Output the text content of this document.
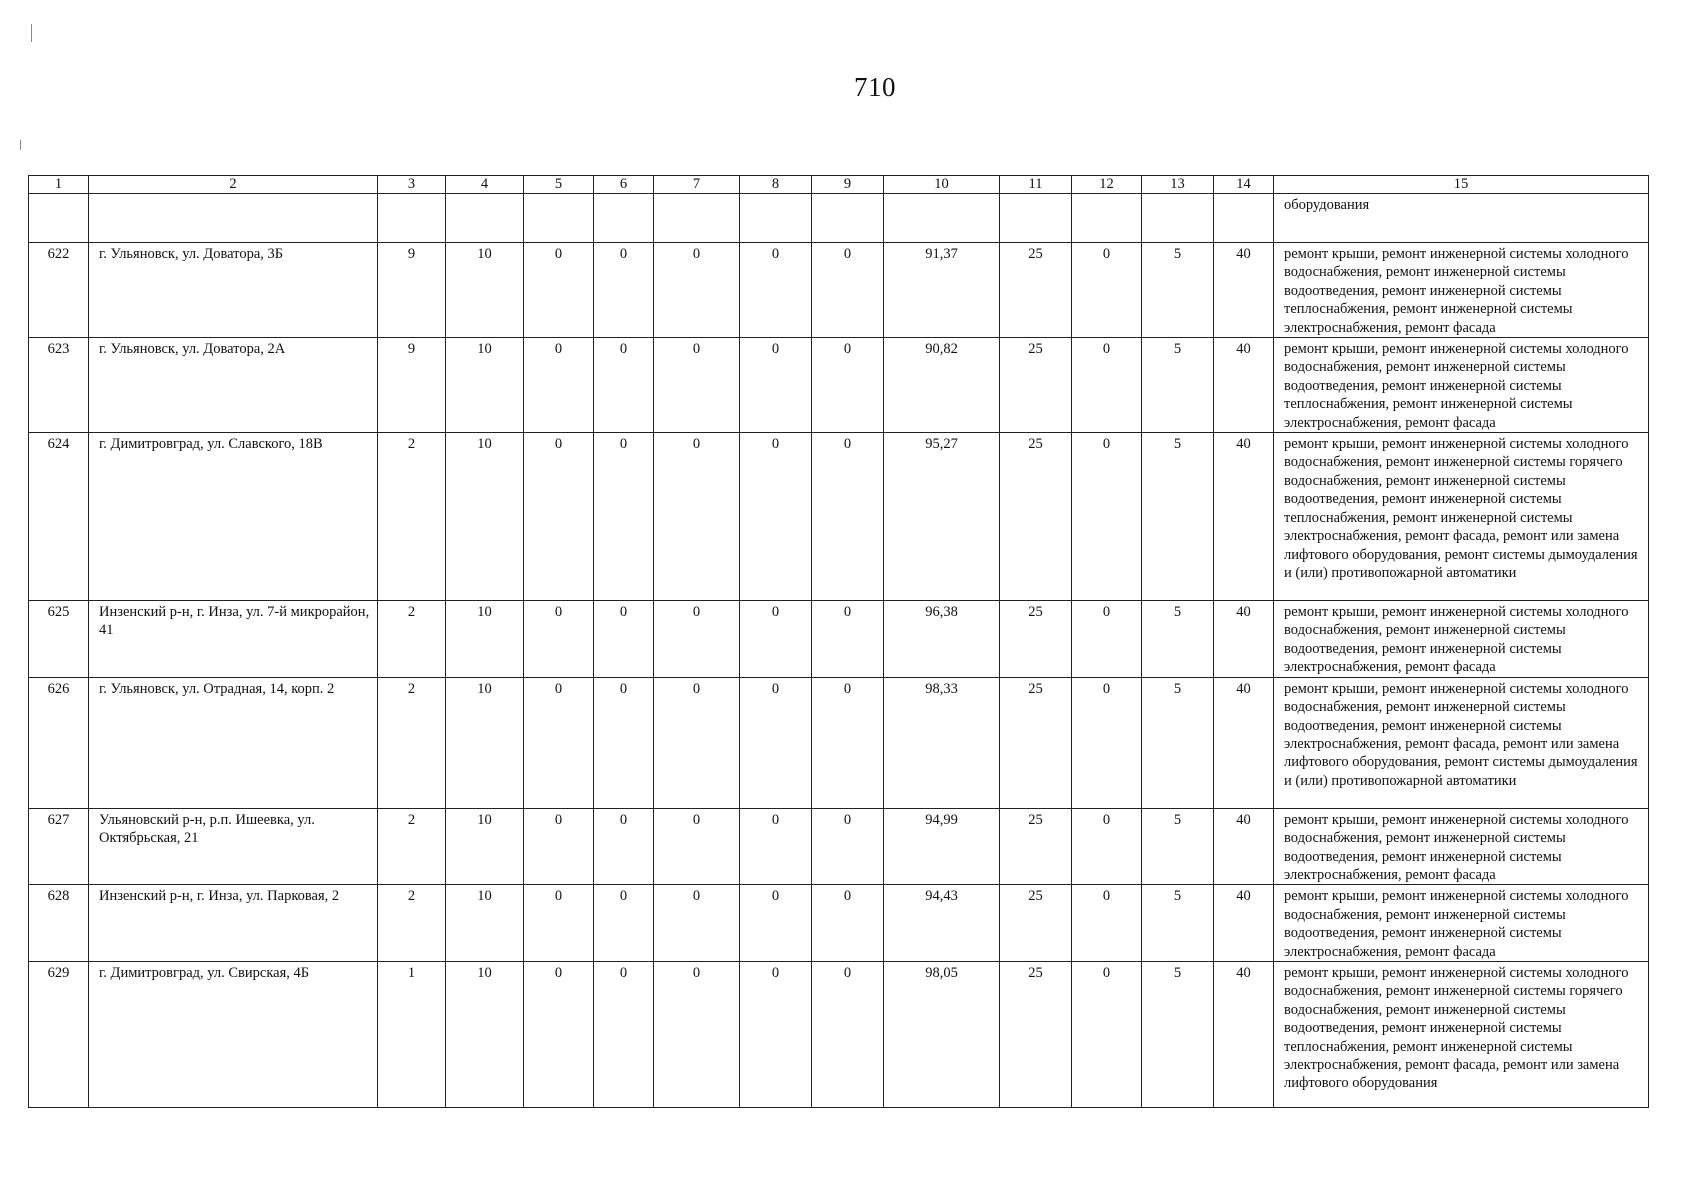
710
1	2	3	4	5	6	7	8	9	10	11	12	13	14	15
														оборудования
622	г. Ульяновск, ул. Доватора, 3Б	9	10	0	0	0	0	0	91,37	25	0	5	40	ремонт крыши, ремонт инженерной системы холодного водоснабжения, ремонт инженерной системы водоотведения, ремонт инженерной системы теплоснабжения, ремонт инженерной системы электроснабжения, ремонт фасада
623	г. Ульяновск, ул. Доватора, 2А	9	10	0	0	0	0	0	90,82	25	0	5	40	ремонт крыши, ремонт инженерной системы холодного водоснабжения, ремонт инженерной системы водоотведения, ремонт инженерной системы теплоснабжения, ремонт инженерной системы электроснабжения, ремонт фасада
624	г. Димитровград, ул. Славского, 18В	2	10	0	0	0	0	0	95,27	25	0	5	40	ремонт крыши, ремонт инженерной системы холодного водоснабжения, ремонт инженерной системы горячего водоснабжения, ремонт инженерной системы водоотведения, ремонт инженерной системы теплоснабжения, ремонт инженерной системы электроснабжения, ремонт фасада, ремонт или замена лифтового оборудования, ремонт системы дымоудаления и (или) противопожарной автоматики
625	Инзенский р-н, г. Инза, ул. 7-й микрорайон, 41	2	10	0	0	0	0	0	96,38	25	0	5	40	ремонт крыши, ремонт инженерной системы холодного водоснабжения, ремонт инженерной системы водоотведения, ремонт инженерной системы электроснабжения, ремонт фасада
626	г. Ульяновск, ул. Отрадная, 14, корп. 2	2	10	0	0	0	0	0	98,33	25	0	5	40	ремонт крыши, ремонт инженерной системы холодного водоснабжения, ремонт инженерной системы водоотведения, ремонт инженерной системы электроснабжения, ремонт фасада, ремонт или замена лифтового оборудования, ремонт системы дымоудаления и (или) противопожарной автоматики
627	Ульяновский р-н, р.п. Ишеевка, ул. Октябрьская, 21	2	10	0	0	0	0	0	94,99	25	0	5	40	ремонт крыши, ремонт инженерной системы холодного водоснабжения, ремонт инженерной системы водоотведения, ремонт инженерной системы электроснабжения, ремонт фасада
628	Инзенский р-н, г. Инза, ул. Парковая, 2	2	10	0	0	0	0	0	94,43	25	0	5	40	ремонт крыши, ремонт инженерной системы холодного водоснабжения, ремонт инженерной системы водоотведения, ремонт инженерной системы электроснабжения, ремонт фасада
629	г. Димитровград, ул. Свирская, 4Б	1	10	0	0	0	0	0	98,05	25	0	5	40	ремонт крыши, ремонт инженерной системы холодного водоснабжения, ремонт инженерной системы горячего водоснабжения, ремонт инженерной системы водоотведения, ремонт инженерной системы теплоснабжения, ремонт инженерной системы электроснабжения, ремонт фасада, ремонт или замена лифтового оборудования
